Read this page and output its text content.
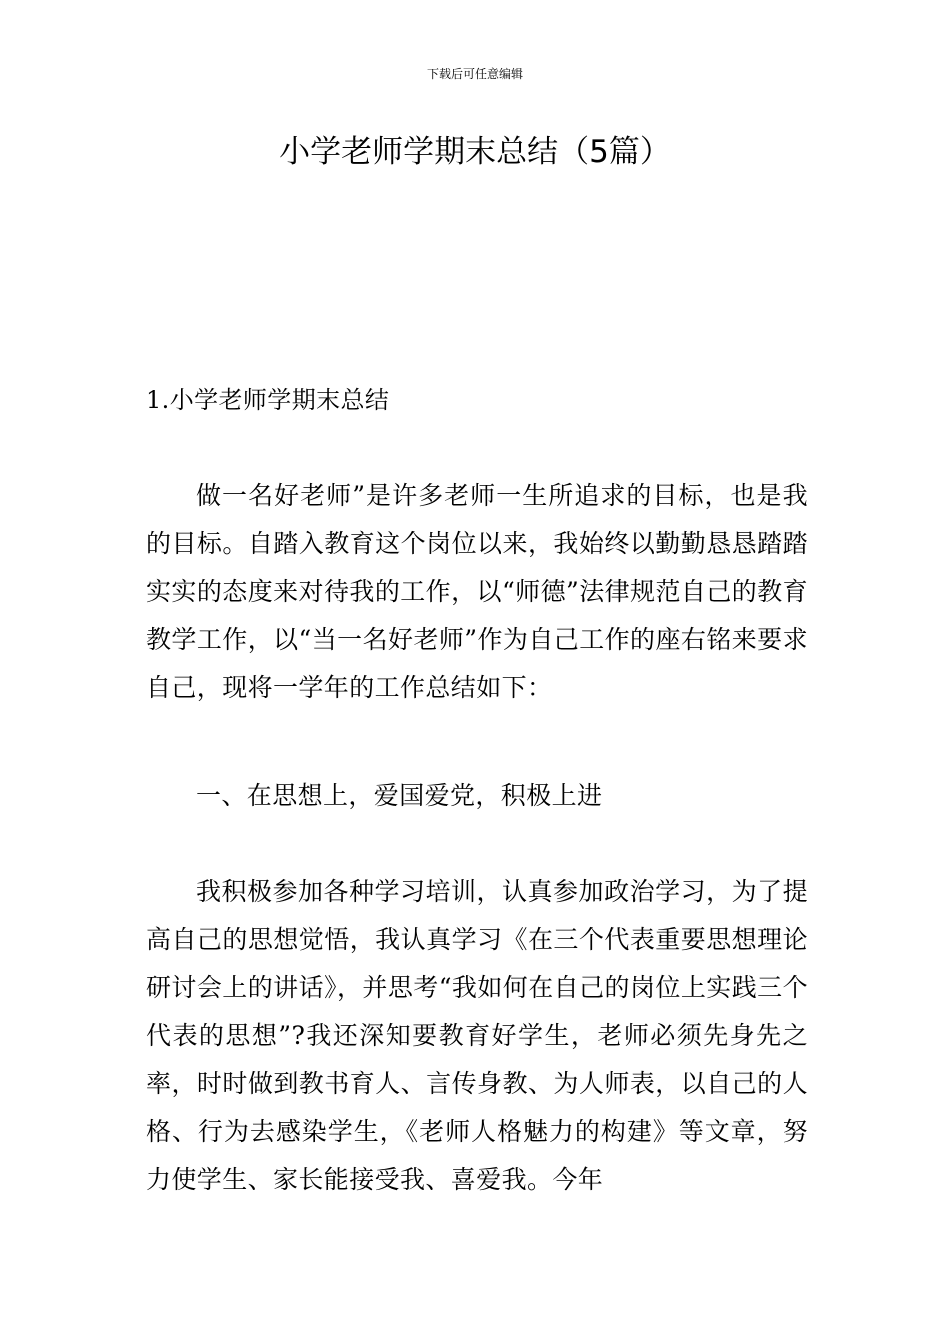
下载后可任意编辑
小学老师学期末总结（5篇）

1.小学老师学期末总结

做一名好老师”是许多老师一生所追求的目标，也是我的目标。自踏入教育这个岗位以来，我始终以勤勤恳恳踏踏实实的态度来对待我的工作，以“师德”法律规范自己的教育教学工作，以“当一名好老师”作为自己工作的座右铭来要求自己，现将一学年的工作总结如下：

一、在思想上，爱国爱党，积极上进

我积极参加各种学习培训，认真参加政治学习，为了提高自己的思想觉悟，我认真学习《在三个代表重要思想理论研讨会上的讲话》，并思考“我如何在自己的岗位上实践三个代表的思想”?我还深知要教育好学生，老师必须先身先之率，时时做到教书育人、言传身教、为人师表，以自己的人格、行为去感染学生，《老师人格魅力的构建》等文章，努力使学生、家长能接受我、喜爱我。今年
